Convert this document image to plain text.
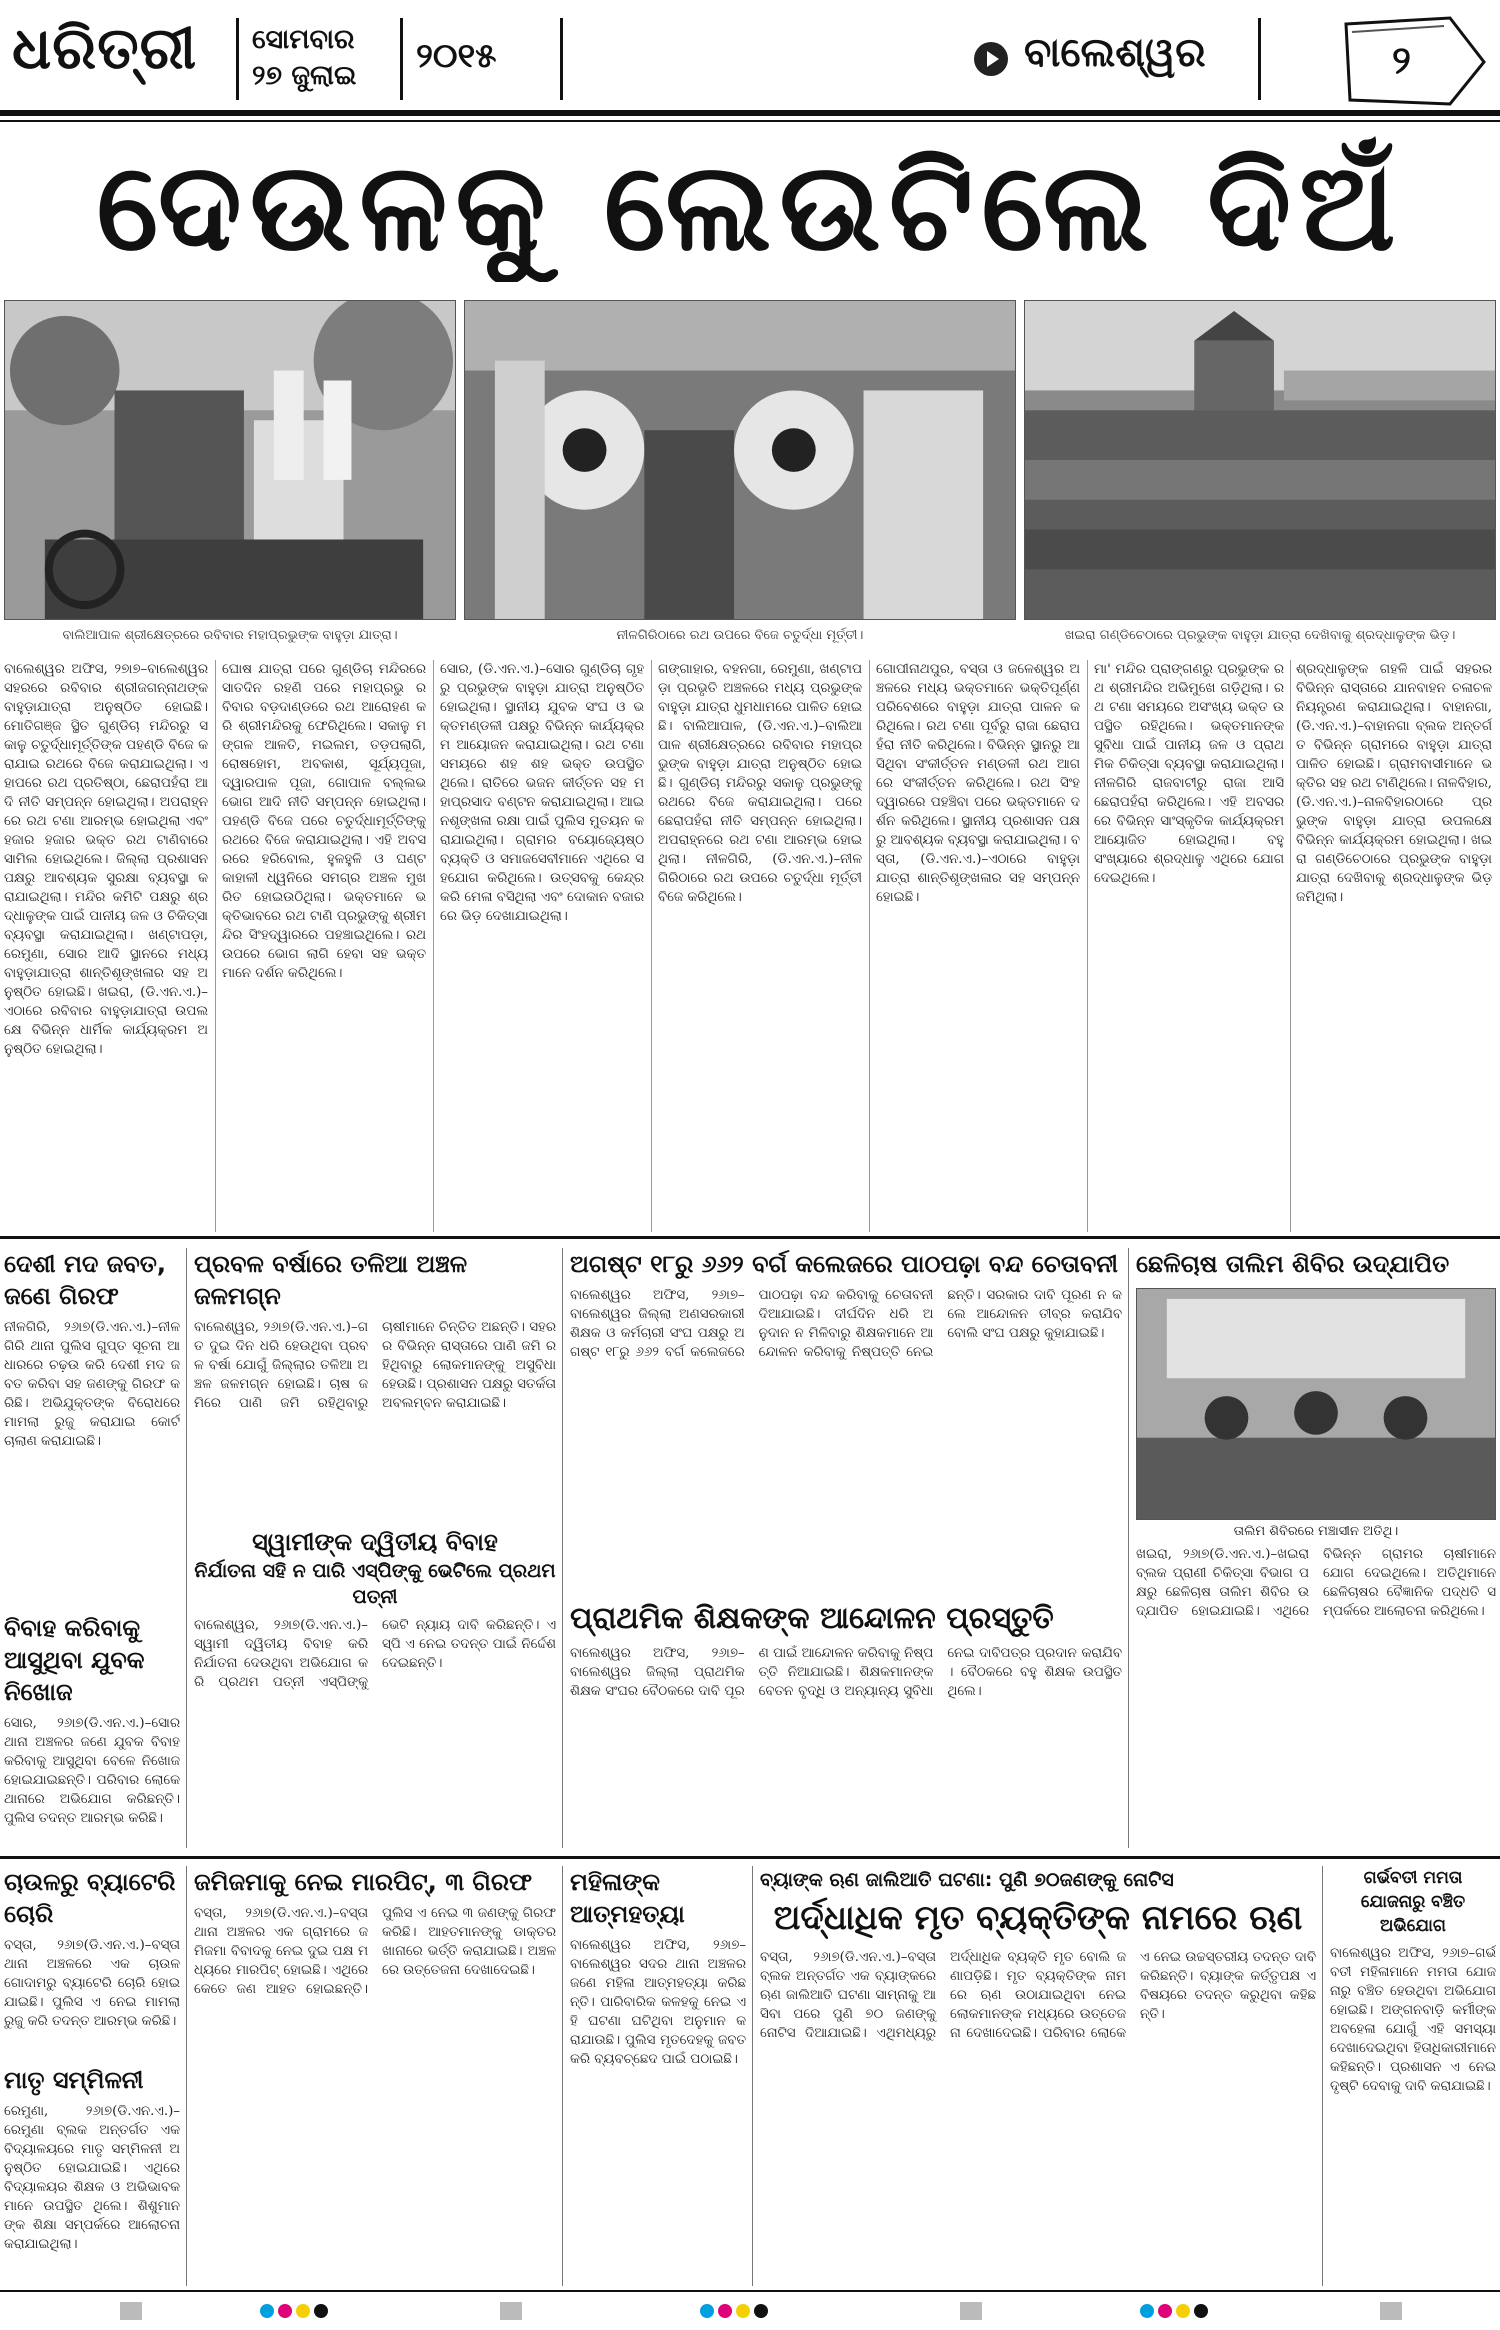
ଧରିତ୍ରୀ ସୋମବାର
୨୭ ଜୁଲାଇ ୨୦୧୫	ବାଲେଶ୍ୱର	୨
ଦେଉଳକୁ ଲେଉଟିଲେ ଦିଅଁ
ବାଲିଆପାଳ ଶ୍ରୀକ୍ଷେତ୍ରରେ ରବିବାର ମହାପ୍ରଭୁଙ୍କ ବାହୁଡ଼ା ଯାତ୍ରା।	ନୀଳଗିରିଠାରେ ରଥ ଉପରେ ବିଜେ ଚତୁର୍ଦ୍ଧା ମୂର୍ତ୍ତୀ।	ଖଇରା ଗଣ୍ଡିଚେଠାରେ ପ୍ରଭୁଙ୍କ ବାହୁଡ଼ା ଯାତ୍ରା ଦେଖିବାକୁ ଶ୍ରଦ୍ଧାଳୁଙ୍କ ଭିଡ଼।
ବାଲେଶ୍ୱର ଅଫିସ, ୨୭ା୭–ବାଲେଶ୍ୱର ସହରରେ ରବିବାର ଶ୍ରୀଜଗନ୍ନାଥଙ୍କ ବାହୁଡ଼ାଯାତ୍ରା ଅନୁଷ୍ଠିତ ହୋଇଛି। ମୋତିଗଞ୍ଜ ସ୍ଥିତ ଗୁଣ୍ଡିଚା ମନ୍ଦିରରୁ ସକାଳୁ ଚତୁର୍ଦ୍ଧାମୂର୍ତ୍ତିଙ୍କ ପହଣ୍ଡି ବିଜେ କରାଯାଇ ରଥରେ ବିଜେ କରାଯାଇଥିଲା। ଏହାପରେ ରଥ ପ୍ରତିଷ୍ଠା, ଛେରାପହଁରା ଆଦି ନୀତି ସମ୍ପନ୍ନ ହୋଇଥିଲା। ଅପରାହ୍ନରେ ରଥ ଟଣା ଆରମ୍ଭ ହୋଇଥିଲା ଏବଂ ହଜାର ହଜାର ଭକ୍ତ ରଥ ଟାଣିବାରେ ସାମିଲ ହୋଇଥିଲେ। ଜିଲ୍ଲା ପ୍ରଶାସନ ପକ୍ଷରୁ ଆବଶ୍ୟକ ସୁରକ୍ଷା ବ୍ୟବସ୍ଥା କରାଯାଇଥିଲା। ମନ୍ଦିର କମିଟି ପକ୍ଷରୁ ଶ୍ରଦ୍ଧାଳୁଙ୍କ ପାଇଁ ପାନୀୟ ଜଳ ଓ ଚିକିତ୍ସା ବ୍ୟବସ୍ଥା କରାଯାଇଥିଲା। ଖଣ୍ଟାପଡ଼ା, ରେମୁଣା, ସୋର ଆଦି ସ୍ଥାନରେ ମଧ୍ୟ ବାହୁଡ଼ାଯାତ୍ରା ଶାନ୍ତିଶୃଙ୍ଖଳାର ସହ ଅନୁଷ୍ଠିତ ହୋଇଛି। ଖଇରା, (ଡି.ଏନ.ଏ.)–ଏଠାରେ ରବିବାର ବାହୁଡ଼ାଯାତ୍ରା ଉପଲକ୍ଷେ ବିଭିନ୍ନ ଧାର୍ମିକ କାର୍ଯ୍ୟକ୍ରମ ଅନୁଷ୍ଠିତ ହୋଇଥିଲା।
ଘୋଷ ଯାତ୍ରା ପରେ ଗୁଣ୍ଡିଚା ମନ୍ଦିରରେ ସାତଦିନ ରହଣି ପରେ ମହାପ୍ରଭୁ ରବିବାର ବଡ଼ଦାଣ୍ଡରେ ରଥ ଆରୋହଣ କରି ଶ୍ରୀମନ୍ଦିରକୁ ଫେରିଥିଲେ। ସକାଳୁ ମଙ୍ଗଳ ଆଳତି, ମଇଲମ, ତଡ଼ପଲାଗି, ରୋଷହୋମ, ଅବକାଶ, ସୂର୍ଯ୍ୟପୂଜା, ଦ୍ୱାରପାଳ ପୂଜା, ଗୋପାଳ ବଲ୍ଲଭ ଭୋଗ ଆଦି ନୀତି ସମ୍ପନ୍ନ ହୋଇଥିଲା। ପହଣ୍ଡି ବିଜେ ପରେ ଚତୁର୍ଦ୍ଧାମୂର୍ତ୍ତିଙ୍କୁ ରଥରେ ବିଜେ କରାଯାଇଥିଲା। ଏହି ଅବସରରେ ହରିବୋଲ, ହୁଳହୁଳି ଓ ଘଣ୍ଟ କାହାଳୀ ଧ୍ୱନିରେ ସମଗ୍ର ଅଞ୍ଚଳ ମୁଖରିତ ହୋଇଉଠିଥିଲା। ଭକ୍ତମାନେ ଭକ୍ତିଭାବରେ ରଥ ଟାଣି ପ୍ରଭୁଙ୍କୁ ଶ୍ରୀମନ୍ଦିର ସିଂହଦ୍ୱାରରେ ପହଞ୍ଚାଇଥିଲେ। ରଥ ଉପରେ ଭୋଗ ଲାଗି ହେବା ସହ ଭକ୍ତମାନେ ଦର୍ଶନ କରିଥିଲେ।
ସୋର, (ଡି.ଏନ.ଏ.)–ସୋର ଗୁଣ୍ଡିଚା ଗୃହରୁ ପ୍ରଭୁଙ୍କ ବାହୁଡ଼ା ଯାତ୍ରା ଅନୁଷ୍ଠିତ ହୋଇଥିଲା। ସ୍ଥାନୀୟ ଯୁବକ ସଂଘ ଓ ଭକ୍ତମଣ୍ଡଳୀ ପକ୍ଷରୁ ବିଭିନ୍ନ କାର୍ଯ୍ୟକ୍ରମ ଆୟୋଜନ କରାଯାଇଥିଲା। ରଥ ଟଣା ସମୟରେ ଶହ ଶହ ଭକ୍ତ ଉପସ୍ଥିତ ଥିଲେ। ରାତିରେ ଭଜନ କୀର୍ତ୍ତନ ସହ ମହାପ୍ରସାଦ ବଣ୍ଟନ କରାଯାଇଥିଲା। ଆଇନଶୃଙ୍ଖଳା ରକ୍ଷା ପାଇଁ ପୁଲିସ ମୁତୟନ କରାଯାଇଥିଲା। ଗ୍ରାମର ବୟୋଜ୍ୟେଷ୍ଠ ବ୍ୟକ୍ତି ଓ ସମାଜସେବୀମାନେ ଏଥିରେ ସହଯୋଗ କରିଥିଲେ। ଉତ୍ସବକୁ କେନ୍ଦ୍ର କରି ମେଳା ବସିଥିଲା ଏବଂ ଦୋକାନ ବଜାରରେ ଭିଡ଼ ଦେଖାଯାଇଥିଲା।
ଗଙ୍ଗାହାର, ବହନଗା, ରେମୁଣା, ଖଣ୍ଟାପଡ଼ା ପ୍ରଭୃତି ଅଞ୍ଚଳରେ ମଧ୍ୟ ପ୍ରଭୁଙ୍କ ବାହୁଡ଼ା ଯାତ୍ରା ଧୁମଧାମରେ ପାଳିତ ହୋଇଛି। ବାଲିଆପାଳ, (ଡି.ଏନ.ଏ.)–ବାଲିଆପାଳ ଶ୍ରୀକ୍ଷେତ୍ରରେ ରବିବାର ମହାପ୍ରଭୁଙ୍କ ବାହୁଡ଼ା ଯାତ୍ରା ଅନୁଷ୍ଠିତ ହୋଇଛି। ଗୁଣ୍ଡିଚା ମନ୍ଦିରରୁ ସକାଳୁ ପ୍ରଭୁଙ୍କୁ ରଥରେ ବିଜେ କରାଯାଇଥିଲା। ପରେ ଛେରାପହଁରା ନୀତି ସମ୍ପନ୍ନ ହୋଇଥିଲା। ଅପରାହ୍ନରେ ରଥ ଟଣା ଆରମ୍ଭ ହୋଇଥିଲା। ନୀଳଗିରି, (ଡି.ଏନ.ଏ.)–ନୀଳଗିରିଠାରେ ରଥ ଉପରେ ଚତୁର୍ଦ୍ଧା ମୂର୍ତ୍ତୀ ବିଜେ କରିଥିଲେ।
ଗୋପୀନାଥପୁର, ବସ୍ତା ଓ ଜଳେଶ୍ୱର ଅଞ୍ଚଳରେ ମଧ୍ୟ ଭକ୍ତମାନେ ଭକ୍ତିପୂର୍ଣ୍ଣ ପରିବେଶରେ ବାହୁଡ଼ା ଯାତ୍ରା ପାଳନ କରିଥିଲେ। ରଥ ଟଣା ପୂର୍ବରୁ ରାଜା ଛେରାପହଁରା ନୀତି କରିଥିଲେ। ବିଭିନ୍ନ ସ୍ଥାନରୁ ଆସିଥିବା ସଂକୀର୍ତ୍ତନ ମଣ୍ଡଳୀ ରଥ ଆଗରେ ସଂକୀର୍ତ୍ତନ କରିଥିଲେ। ରଥ ସିଂହଦ୍ୱାରରେ ପହଞ୍ଚିବା ପରେ ଭକ୍ତମାନେ ଦର୍ଶନ କରିଥିଲେ। ସ୍ଥାନୀୟ ପ୍ରଶାସନ ପକ୍ଷରୁ ଆବଶ୍ୟକ ବ୍ୟବସ୍ଥା କରାଯାଇଥିଲା। ବସ୍ତା, (ଡି.ଏନ.ଏ.)–ଏଠାରେ ବାହୁଡ଼ା ଯାତ୍ରା ଶାନ୍ତିଶୃଙ୍ଖଳାର ସହ ସମ୍ପନ୍ନ ହୋଇଛି।
ମା' ମନ୍ଦିର ପ୍ରାଙ୍ଗଣରୁ ପ୍ରଭୁଙ୍କ ରଥ ଶ୍ରୀମନ୍ଦିର ଅଭିମୁଖେ ଗଡ଼ିଥିଲା। ରଥ ଟଣା ସମୟରେ ଅସଂଖ୍ୟ ଭକ୍ତ ଉପସ୍ଥିତ ରହିଥିଲେ। ଭକ୍ତମାନଙ୍କ ସୁବିଧା ପାଇଁ ପାନୀୟ ଜଳ ଓ ପ୍ରାଥମିକ ଚିକିତ୍ସା ବ୍ୟବସ୍ଥା କରାଯାଇଥିଲା। ନୀଳଗିରି ରାଜବାଟୀରୁ ରାଜା ଆସି ଛେରାପହଁରା କରିଥିଲେ। ଏହି ଅବସରରେ ବିଭିନ୍ନ ସାଂସ୍କୃତିକ କାର୍ଯ୍ୟକ୍ରମ ଆୟୋଜିତ ହୋଇଥିଲା। ବହୁ ସଂଖ୍ୟାରେ ଶ୍ରଦ୍ଧାଳୁ ଏଥିରେ ଯୋଗଦେଇଥିଲେ।
ଶ୍ରଦ୍ଧାଳୁଙ୍କ ଗହଳି ପାଇଁ ସହରର ବିଭିନ୍ନ ରାସ୍ତାରେ ଯାନବାହନ ଚଳାଚଳ ନିୟନ୍ତ୍ରଣ କରାଯାଇଥିଲା। ବାହାନଗା, (ଡି.ଏନ.ଏ.)–ବାହାନଗା ବ୍ଲକ ଅନ୍ତର୍ଗତ ବିଭିନ୍ନ ଗ୍ରାମରେ ବାହୁଡ଼ା ଯାତ୍ରା ପାଳିତ ହୋଇଛି। ଗ୍ରାମବାସୀମାନେ ଭକ୍ତିର ସହ ରଥ ଟାଣିଥିଲେ। ନାଳବିହାର, (ଡି.ଏନ.ଏ.)–ନାଳବିହାରଠାରେ ପ୍ରଭୁଙ୍କ ବାହୁଡ଼ା ଯାତ୍ରା ଉପଲକ୍ଷେ ବିଭିନ୍ନ କାର୍ଯ୍ୟକ୍ରମ ହୋଇଥିଲା। ଖଇରା ଗଣ୍ଡିଚେଠାରେ ପ୍ରଭୁଙ୍କ ବାହୁଡ଼ା ଯାତ୍ରା ଦେଖିବାକୁ ଶ୍ରଦ୍ଧାଳୁଙ୍କ ଭିଡ଼ ଜମିଥିଲା।
ଦେଶୀ ମଦ ଜବତ, ଜଣେ ଗିରଫ
ନୀଳଗିରି, ୨୬ା୭(ଡି.ଏନ.ଏ.)–ନୀଳଗିରି ଥାନା ପୁଲିସ ଗୁପ୍ତ ସୂଚନା ଆଧାରରେ ଚଢ଼ଉ କରି ଦେଶୀ ମଦ ଜବତ କରିବା ସହ ଜଣଙ୍କୁ ଗିରଫ କରିଛି। ଅଭିଯୁକ୍ତଙ୍କ ବିରୋଧରେ ମାମଲା ରୁଜୁ କରାଯାଇ କୋର୍ଟ ଚାଲାଣ କରାଯାଇଛି।
ବିବାହ କରିବାକୁ ଆସୁଥିବା ଯୁବକ ନିଖୋଜ
ସୋର, ୨୬ା୭(ଡି.ଏନ.ଏ.)–ସୋର ଥାନା ଅଞ୍ଚଳର ଜଣେ ଯୁବକ ବିବାହ କରିବାକୁ ଆସୁଥିବା ବେଳେ ନିଖୋଜ ହୋଇଯାଇଛନ୍ତି। ପରିବାର ଲୋକେ ଥାନାରେ ଅଭିଯୋଗ କରିଛନ୍ତି। ପୁଲିସ ତଦନ୍ତ ଆରମ୍ଭ କରିଛି।
ପ୍ରବଳ ବର୍ଷାରେ ତଳିଆ ଅଞ୍ଚଳ ଜଳମଗ୍ନ
ବାଲେଶ୍ୱର, ୨୬ା୭(ଡି.ଏନ.ଏ.)–ଗତ ଦୁଇ ଦିନ ଧରି ହେଉଥିବା ପ୍ରବଳ ବର୍ଷା ଯୋଗୁଁ ଜିଲ୍ଲାର ତଳିଆ ଅଞ୍ଚଳ ଜଳମଗ୍ନ ହୋଇଛି। ଚାଷ ଜମିରେ ପାଣି ଜମି ରହିଥିବାରୁ ଚାଷୀମାନେ ଚିନ୍ତିତ ଅଛନ୍ତି। ସହରର ବିଭିନ୍ନ ରାସ୍ତାରେ ପାଣି ଜମି ରହିଥିବାରୁ ଲୋକମାନଙ୍କୁ ଅସୁବିଧା ହେଉଛି। ପ୍ରଶାସନ ପକ୍ଷରୁ ସତର୍କତା ଅବଲମ୍ବନ କରାଯାଇଛି।
ସ୍ୱାମୀଙ୍କ ଦ୍ୱିତୀୟ ବିବାହ
ନିର୍ଯାତନା ସହି ନ ପାରି ଏସ୍‌ପିଙ୍କୁ ଭେଟିଲେ ପ୍ରଥମ ପତ୍ନୀ
ବାଲେଶ୍ୱର, ୨୬ା୭(ଡି.ଏନ.ଏ.)–ସ୍ୱାମୀ ଦ୍ୱିତୀୟ ବିବାହ କରି ନିର୍ଯାତନା ଦେଉଥିବା ଅଭିଯୋଗ କରି ପ୍ରଥମ ପତ୍ନୀ ଏସ୍‌ପିଙ୍କୁ ଭେଟି ନ୍ୟାୟ ଦାବି କରିଛନ୍ତି। ଏସ୍‌ପି ଏ ନେଇ ତଦନ୍ତ ପାଇଁ ନିର୍ଦ୍ଦେଶ ଦେଇଛନ୍ତି।
ଅଗଷ୍ଟ ୧୮ରୁ ୬୬୨ ବର୍ଗ କଲେଜରେ ପାଠପଢ଼ା ବନ୍ଦ ଚେତାବନୀ
ବାଲେଶ୍ୱର ଅଫିସ, ୨୬ା୭–ବାଲେଶ୍ୱର ଜିଲ୍ଲା ଅଣସରକାରୀ ଶିକ୍ଷକ ଓ କର୍ମଚାରୀ ସଂଘ ପକ୍ଷରୁ ଅଗଷ୍ଟ ୧୮ରୁ ୬୬୨ ବର୍ଗ କଲେଜରେ ପାଠପଢ଼ା ବନ୍ଦ କରିବାକୁ ଚେତାବନୀ ଦିଆଯାଇଛି। ଦୀର୍ଘଦିନ ଧରି ଅନୁଦାନ ନ ମିଳିବାରୁ ଶିକ୍ଷକମାନେ ଆନ୍ଦୋଳନ କରିବାକୁ ନିଷ୍ପତ୍ତି ନେଇଛନ୍ତି। ସରକାର ଦାବି ପୂରଣ ନ କଲେ ଆନ୍ଦୋଳନ ତୀବ୍ର କରାଯିବ ବୋଲି ସଂଘ ପକ୍ଷରୁ କୁହାଯାଇଛି।
ଛେଳିଚାଷ ତାଲିମ ଶିବିର ଉଦ୍‌ଯାପିତ
ତାଲିମ ଶିବିରରେ ମଞ୍ଚାସୀନ ଅତିଥି।
ଖଇରା, ୨୬ା୭(ଡି.ଏନ.ଏ.)–ଖଇରା ବ୍ଲକ ପ୍ରାଣୀ ଚିକିତ୍ସା ବିଭାଗ ପକ୍ଷରୁ ଛେଳିଚାଷ ତାଲିମ ଶିବିର ଉଦ୍‌ଯାପିତ ହୋଇଯାଇଛି। ଏଥିରେ ବିଭିନ୍ନ ଗ୍ରାମର ଚାଷୀମାନେ ଯୋଗ ଦେଇଥିଲେ। ଅତିଥିମାନେ ଛେଳିଚାଷର ବୈଜ୍ଞାନିକ ପଦ୍ଧତି ସମ୍ପର୍କରେ ଆଲୋଚନା କରିଥିଲେ।
ପ୍ରାଥମିକ ଶିକ୍ଷକଙ୍କ ଆନ୍ଦୋଳନ ପ୍ରସ୍ତୁତି
ବାଲେଶ୍ୱର ଅଫିସ, ୨୬ା୭–ବାଲେଶ୍ୱର ଜିଲ୍ଲା ପ୍ରାଥମିକ ଶିକ୍ଷକ ସଂଘର ବୈଠକରେ ଦାବି ପୂରଣ ପାଇଁ ଆନ୍ଦୋଳନ କରିବାକୁ ନିଷ୍ପତ୍ତି ନିଆଯାଇଛି। ଶିକ୍ଷକମାନଙ୍କ ବେତନ ବୃଦ୍ଧି ଓ ଅନ୍ୟାନ୍ୟ ସୁବିଧା ନେଇ ଦାବିପତ୍ର ପ୍ରଦାନ କରାଯିବ। ବୈଠକରେ ବହୁ ଶିକ୍ଷକ ଉପସ୍ଥିତ ଥିଲେ।
ଚାଉଳରୁ ବ୍ୟାଟେରି ଚୋରି
ବସ୍ତା, ୨୬ା୭(ଡି.ଏନ.ଏ.)–ବସ୍ତା ଥାନା ଅଞ୍ଚଳରେ ଏକ ଚାଉଳ ଗୋଦାମରୁ ବ୍ୟାଟେରି ଚୋରି ହୋଇଯାଇଛି। ପୁଲିସ ଏ ନେଇ ମାମଲା ରୁଜୁ କରି ତଦନ୍ତ ଆରମ୍ଭ କରିଛି।
ମାତୃ ସମ୍ମିଳନୀ
ରେମୁଣା, ୨୬ା୭(ଡି.ଏନ.ଏ.)–ରେମୁଣା ବ୍ଲକ ଅନ୍ତର୍ଗତ ଏକ ବିଦ୍ୟାଳୟରେ ମାତୃ ସମ୍ମିଳନୀ ଅନୁଷ୍ଠିତ ହୋଇଯାଇଛି। ଏଥିରେ ବିଦ୍ୟାଳୟର ଶିକ୍ଷକ ଓ ଅଭିଭାବକମାନେ ଉପସ୍ଥିତ ଥିଲେ। ଶିଶୁମାନଙ୍କ ଶିକ୍ଷା ସମ୍ପର୍କରେ ଆଲୋଚନା କରାଯାଇଥିଲା।
ଜମିଜମାକୁ ନେଇ ମାରପିଟ୍, ୩ ଗିରଫ
ବସ୍ତା, ୨୬ା୭(ଡି.ଏନ.ଏ.)–ବସ୍ତା ଥାନା ଅଞ୍ଚଳର ଏକ ଗ୍ରାମରେ ଜମିଜମା ବିବାଦକୁ ନେଇ ଦୁଇ ପକ୍ଷ ମଧ୍ୟରେ ମାରପିଟ୍ ହୋଇଛି। ଏଥିରେ କେତେ ଜଣ ଆହତ ହୋଇଛନ୍ତି। ପୁଲିସ ଏ ନେଇ ୩ ଜଣଙ୍କୁ ଗିରଫ କରିଛି। ଆହତମାନଙ୍କୁ ଡାକ୍ତରଖାନାରେ ଭର୍ତ୍ତି କରାଯାଇଛି। ଅଞ୍ଚଳରେ ଉତ୍ତେଜନା ଦେଖାଦେଇଛି।
ମହିଳାଙ୍କ ଆତ୍ମହତ୍ୟା
ବାଲେଶ୍ୱର ଅଫିସ, ୨୬ା୭–ବାଲେଶ୍ୱର ସଦର ଥାନା ଅଞ୍ଚଳର ଜଣେ ମହିଳା ଆତ୍ମହତ୍ୟା କରିଛନ୍ତି। ପାରିବାରିକ କଳହକୁ ନେଇ ଏହି ଘଟଣା ଘଟିଥିବା ଅନୁମାନ କରାଯାଉଛି। ପୁଲିସ ମୃତଦେହକୁ ଜବତ କରି ବ୍ୟବଚ୍ଛେଦ ପାଇଁ ପଠାଇଛି।
ବ୍ୟାଙ୍କ ଋଣ ଜାଲିଆତି ଘଟଣା: ପୁଣି ୭୦ଜଣଙ୍କୁ ନୋଟିସ
ଅର୍ଦ୍ଧାଧିକ ମୃତ ବ୍ୟକ୍ତିଙ୍କ ନାମରେ ଋଣ
ବସ୍ତା, ୨୬ା୭(ଡି.ଏନ.ଏ.)–ବସ୍ତା ବ୍ଲକ ଅନ୍ତର୍ଗତ ଏକ ବ୍ୟାଙ୍କରେ ଋଣ ଜାଲିଆତି ଘଟଣା ସାମ୍ନାକୁ ଆସିବା ପରେ ପୁଣି ୭୦ ଜଣଙ୍କୁ ନୋଟିସ ଦିଆଯାଇଛି। ଏଥିମଧ୍ୟରୁ ଅର୍ଦ୍ଧାଧିକ ବ୍ୟକ୍ତି ମୃତ ବୋଲି ଜଣାପଡ଼ିଛି। ମୃତ ବ୍ୟକ୍ତିଙ୍କ ନାମରେ ଋଣ ଉଠାଯାଇଥିବା ନେଇ ଲୋକମାନଙ୍କ ମଧ୍ୟରେ ଉତ୍ତେଜନା ଦେଖାଦେଇଛି। ପରିବାର ଲୋକେ ଏ ନେଇ ଉଚ୍ଚସ୍ତରୀୟ ତଦନ୍ତ ଦାବି କରିଛନ୍ତି। ବ୍ୟାଙ୍କ କର୍ତ୍ତୃପକ୍ଷ ଏ ବିଷୟରେ ତଦନ୍ତ କରୁଥିବା କହିଛନ୍ତି।
ଗର୍ଭବତୀ ମମତା ଯୋଜନାରୁ ବଞ୍ଚିତ ଅଭିଯୋଗ
ବାଲେଶ୍ୱର ଅଫିସ, ୨୬ା୭–ଗର୍ଭବତୀ ମହିଳାମାନେ ମମତା ଯୋଜନାରୁ ବଞ୍ଚିତ ହେଉଥିବା ଅଭିଯୋଗ ହୋଇଛି। ଅଙ୍ଗନବାଡ଼ି କର୍ମୀଙ୍କ ଅବହେଳା ଯୋଗୁଁ ଏହି ସମସ୍ୟା ଦେଖାଦେଇଥିବା ହିତାଧିକାରୀମାନେ କହିଛନ୍ତି। ପ୍ରଶାସନ ଏ ନେଇ ଦୃଷ୍ଟି ଦେବାକୁ ଦାବି କରାଯାଇଛି।
